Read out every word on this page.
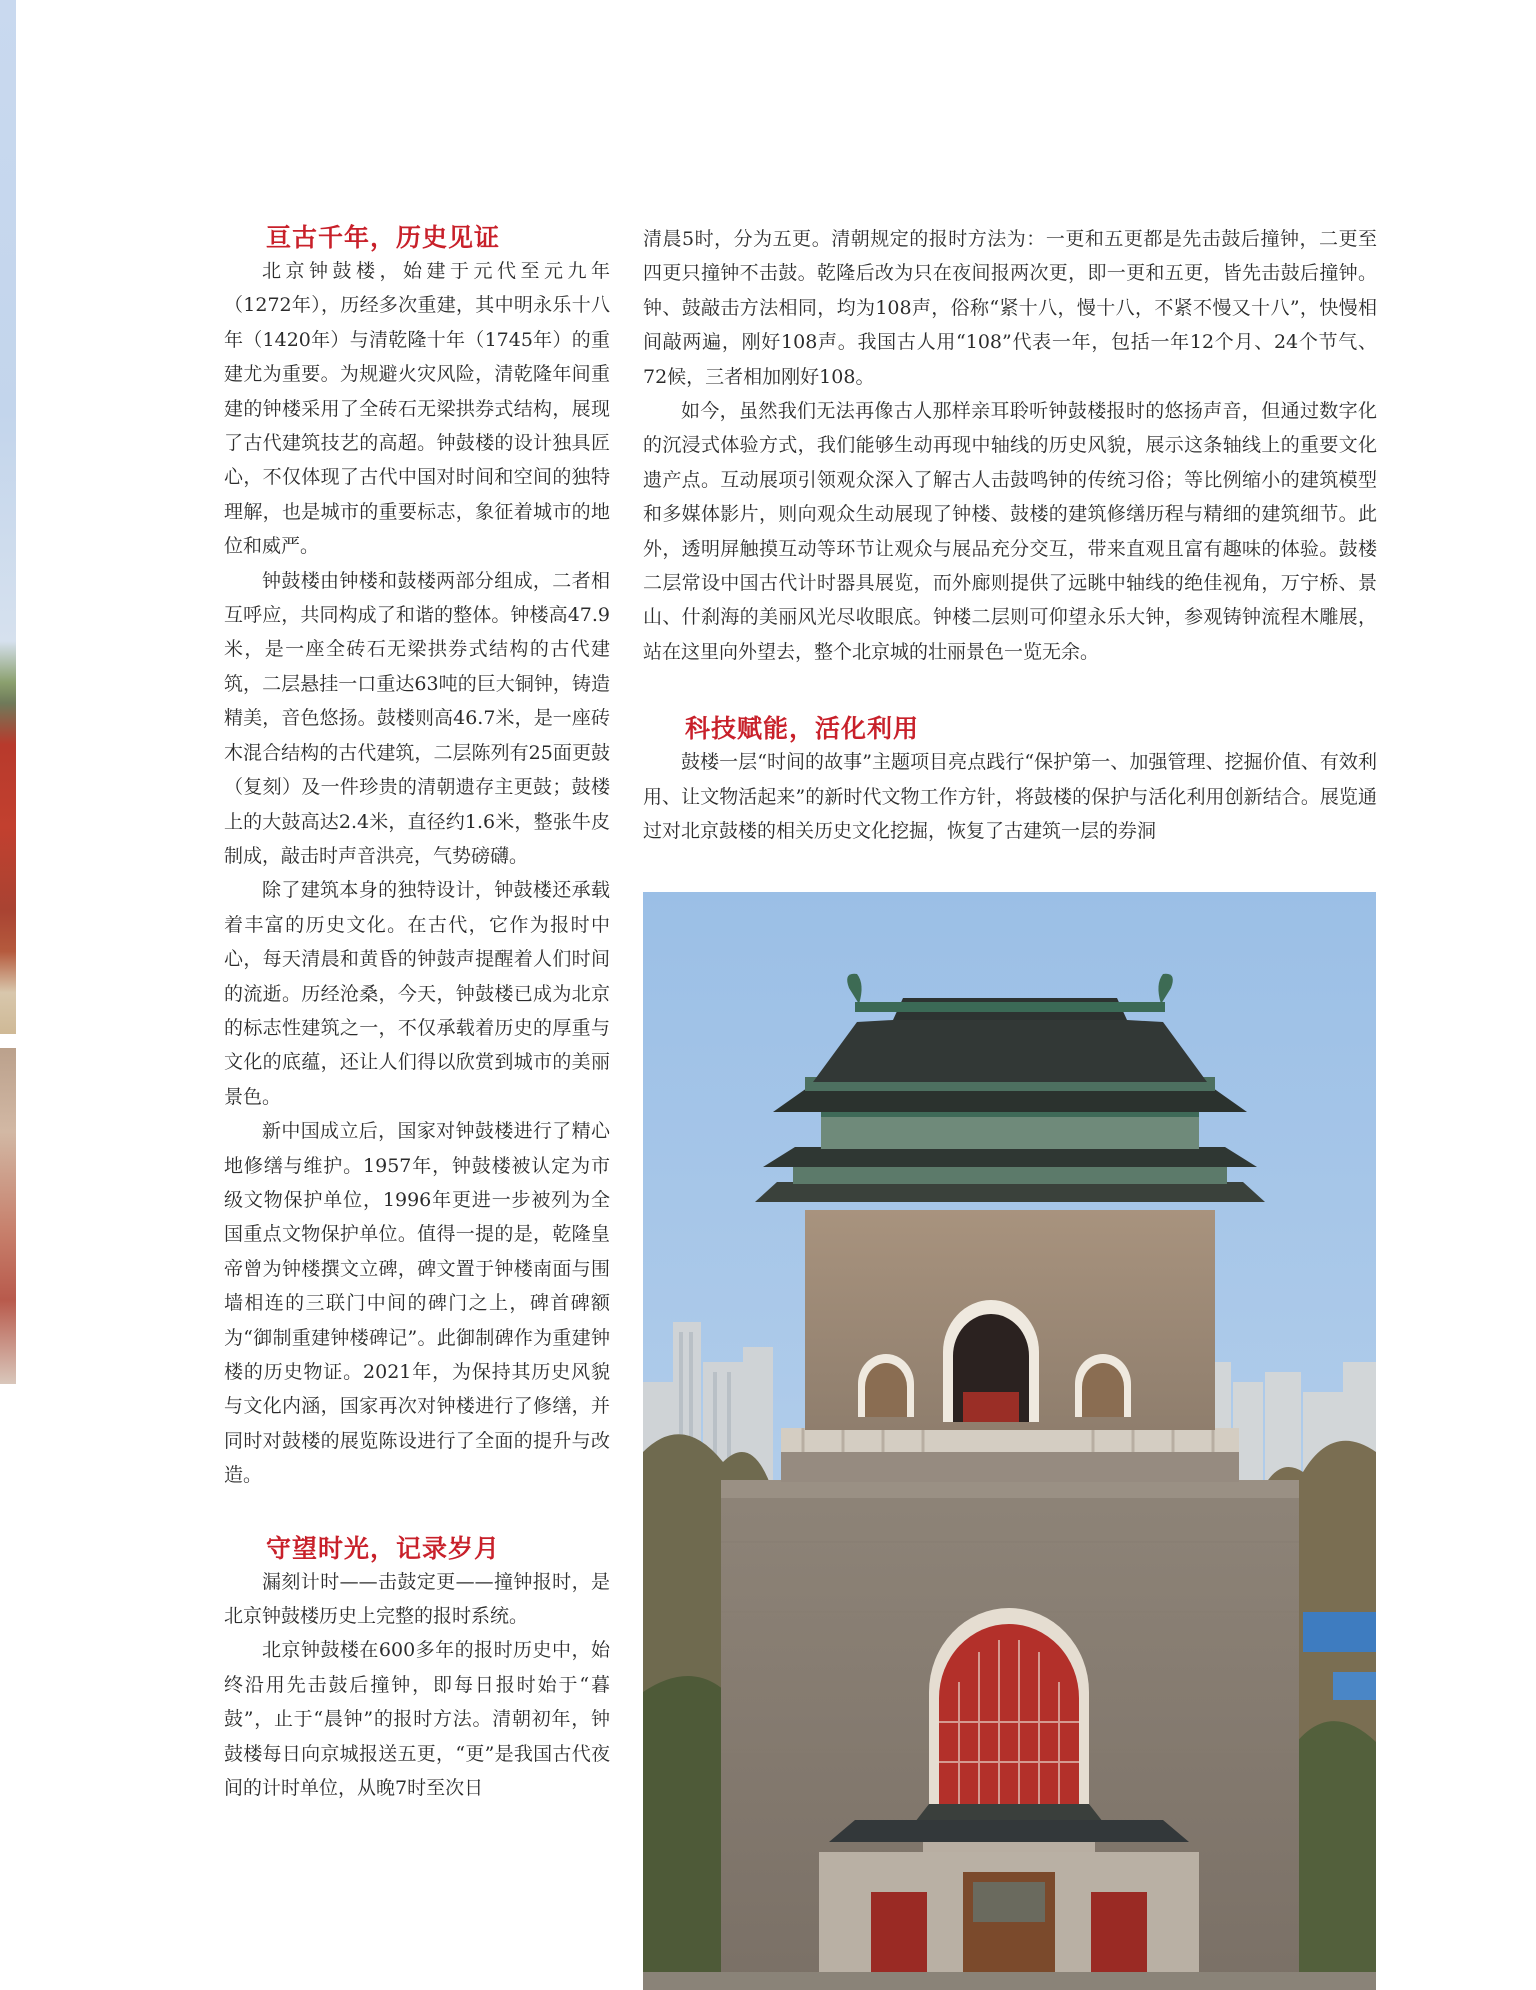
亘古千年，历史见证

北京钟鼓楼，始建于元代至元九年（1272年），历经多次重建，其中明永乐十八年（1420年）与清乾隆十年（1745年）的重建尤为重要。为规避火灾风险，清乾隆年间重建的钟楼采用了全砖石无梁拱券式结构，展现了古代建筑技艺的高超。钟鼓楼的设计独具匠心，不仅体现了古代中国对时间和空间的独特理解，也是城市的重要标志，象征着城市的地位和威严。

钟鼓楼由钟楼和鼓楼两部分组成，二者相互呼应，共同构成了和谐的整体。钟楼高47.9米，是一座全砖石无梁拱券式结构的古代建筑，二层悬挂一口重达63吨的巨大铜钟，铸造精美，音色悠扬。鼓楼则高46.7米，是一座砖木混合结构的古代建筑，二层陈列有25面更鼓（复刻）及一件珍贵的清朝遗存主更鼓；鼓楼上的大鼓高达2.4米，直径约1.6米，整张牛皮制成，敲击时声音洪亮，气势磅礴。

除了建筑本身的独特设计，钟鼓楼还承载着丰富的历史文化。在古代，它作为报时中心，每天清晨和黄昏的钟鼓声提醒着人们时间的流逝。历经沧桑，今天，钟鼓楼已成为北京的标志性建筑之一，不仅承载着历史的厚重与文化的底蕴，还让人们得以欣赏到城市的美丽景色。

新中国成立后，国家对钟鼓楼进行了精心地修缮与维护。1957年，钟鼓楼被认定为市级文物保护单位，1996年更进一步被列为全国重点文物保护单位。值得一提的是，乾隆皇帝曾为钟楼撰文立碑，碑文置于钟楼南面与围墙相连的三联门中间的碑门之上，碑首碑额为“御制重建钟楼碑记”。此御制碑作为重建钟楼的历史物证。2021年，为保持其历史风貌与文化内涵，国家再次对钟楼进行了修缮，并同时对鼓楼的展览陈设进行了全面的提升与改造。

守望时光，记录岁月

漏刻计时——击鼓定更——撞钟报时，是北京钟鼓楼历史上完整的报时系统。

北京钟鼓楼在600多年的报时历史中，始终沿用先击鼓后撞钟，即每日报时始于“暮鼓”，止于“晨钟”的报时方法。清朝初年，钟鼓楼每日向京城报送五更，“更”是我国古代夜间的计时单位，从晚7时至次日

清晨5时，分为五更。清朝规定的报时方法为：一更和五更都是先击鼓后撞钟，二更至四更只撞钟不击鼓。乾隆后改为只在夜间报两次更，即一更和五更，皆先击鼓后撞钟。钟、鼓敲击方法相同，均为108声，俗称“紧十八，慢十八，不紧不慢又十八”，快慢相间敲两遍，刚好108声。我国古人用“108”代表一年，包括一年12个月、24个节气、72候，三者相加刚好108。

如今，虽然我们无法再像古人那样亲耳聆听钟鼓楼报时的悠扬声音，但通过数字化的沉浸式体验方式，我们能够生动再现中轴线的历史风貌，展示这条轴线上的重要文化遗产点。互动展项引领观众深入了解古人击鼓鸣钟的传统习俗；等比例缩小的建筑模型和多媒体影片，则向观众生动展现了钟楼、鼓楼的建筑修缮历程与精细的建筑细节。此外，透明屏触摸互动等环节让观众与展品充分交互，带来直观且富有趣味的体验。鼓楼二层常设中国古代计时器具展览，而外廊则提供了远眺中轴线的绝佳视角，万宁桥、景山、什刹海的美丽风光尽收眼底。钟楼二层则可仰望永乐大钟，参观铸钟流程木雕展，站在这里向外望去，整个北京城的壮丽景色一览无余。

科技赋能，活化利用

鼓楼一层“时间的故事”主题项目亮点践行“保护第一、加强管理、挖掘价值、有效利用、让文物活起来”的新时代文物工作方针，将鼓楼的保护与活化利用创新结合。展览通过对北京鼓楼的相关历史文化挖掘，恢复了古建筑一层的券洞
